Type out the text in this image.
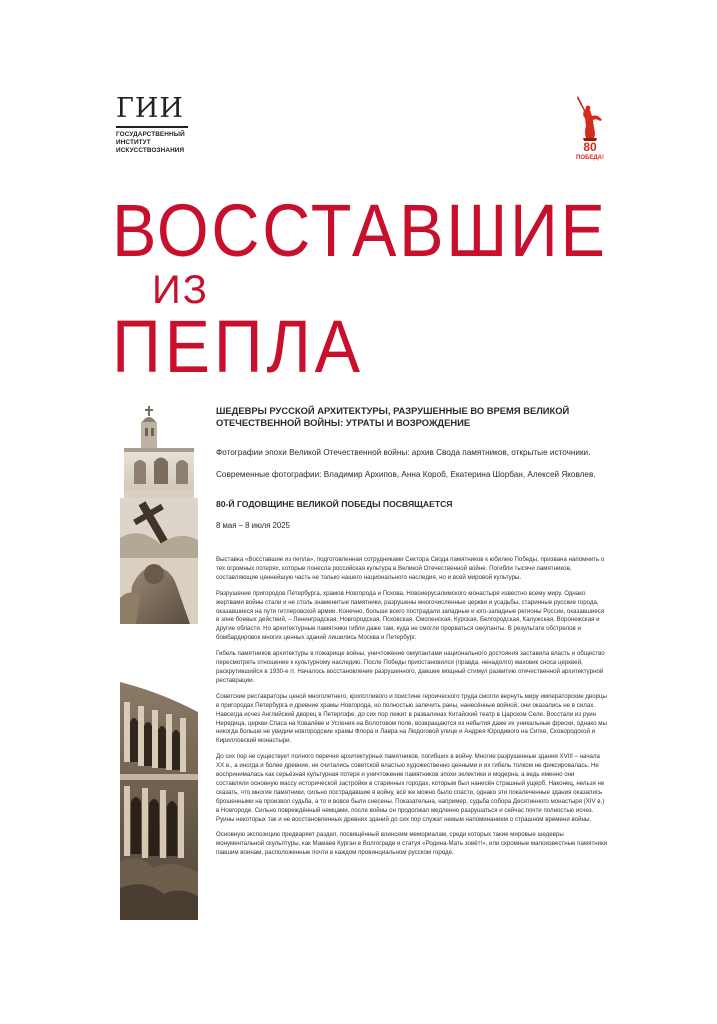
ГИИ
ГОСУДАРСТВЕННЫЙ
ИНСТИТУТ
ИСКУССТВОЗНАНИЯ	80
ПОБЕДА!
ВОССТАВШИЕ
ИЗ
ПЕПЛА
ШЕДЕВРЫ РУССКОЙ АРХИТЕКТУРЫ, РАЗРУШЕННЫЕ ВО ВРЕМЯ ВЕЛИКОЙ ОТЕЧЕСТВЕННОЙ ВОЙНЫ: УТРАТЫ И ВОЗРОЖДЕНИЕ
Фотографии эпохи Великой Отечественной войны: архив Свода памятников, открытые источники.
Современные фотографии: Владимир Архипов, Анна Короб, Екатерина Шорбан, Алексей Яковлев.
80-Й ГОДОВЩИНЕ ВЕЛИКОЙ ПОБЕДЫ ПОСВЯЩАЕТСЯ
8 мая – 8 июля 2025

Выставка «Восставшие из пепла», подготовленная сотрудниками Сектора Свода памятников к юбилею Победы, призвана напомнить о тех огромных потерях, которые понесла российская культура в Великой Отечественной войне. Погибли тысячи памятников, составляющие ценнейшую часть не только нашего национального наследия, но и всей мировой культуры.

Разрушение пригородов Петербурга, храмов Новгорода и Пскова, Новоиерусалимского монастыря известно всему миру. Однако жертвами войны стали и не столь знаменитые памятники, разрушены многочисленные церкви и усадьбы, старинные русские города, оказавшиеся на пути гитлеровской армии. Конечно, больше всего пострадали западные и юго-западные регионы России, оказавшиеся в зоне боевых действий, – Ленинградская, Новгородская, Псковская, Смоленская, Курская, Белгородская, Калужская, Воронежская и другие области. Но архитектурные памятники гибли даже там, куда не смогли прорваться оккупанты. В результате обстрелов и бомбардировок многих ценных зданий лишились Москва и Петербург.

Гибель памятников архитектуры в пожарище войны, уничтожение оккупантами национального достояния заставила власть и общество пересмотреть отношение к культурному наследию. После Победы приостановился (правда, ненадолго) маховик сноса церквей, раскрутившийся в 1930-е гг. Началось восстановление разрушенного, давшее мощный стимул развитию отечественной архитектурной реставрации.

Советские реставраторы ценой многолетнего, кропотливого и поистине героического труда смогли вернуть миру императорские дворцы в пригородах Петербурга и древние храмы Новгорода, но полностью залечить раны, нанесённые войной, они оказались не в силах. Навсегда исчез Английский дворец в Петергофе, до сих пор лежит в развалинах Китайский театр в Царском Селе. Восстали из руин Нередица, церкви Спаса на Ковалёве и Успения на Волотовом поле, возвращаются из небытия даже их уникальные фрески, однако мы никогда больше не увидим новгородские храмы Флора и Лавра на Людоговой улице и Андрея Юродивого на Ситке, Сковородской и Кирилловский монастыри.

До сих пор не существует полного перечня архитектурных памятников, погибших в войну. Многие разрушенные здания XVIII – начала XX в., а иногда и более древние, не считались советской властью художественно ценными и их гибель толком не фиксировалась. Не воспринималась как серьёзная культурная потеря и уничтожение памятников эпохи эклектики и модерна, а ведь именно они составляли основную массу исторической застройки в старинных городах, которым был нанесён страшный ущерб. Наконец, нельзя не сказать, что многие памятники, сильно пострадавшие в войну, всё же можно было спасти, однако эти покалеченные здания оказались брошенными на произвол судьба, а то и вовсе были снесены. Показательна, например, судьба собора Десятинного монастыря (XIV в.) в Новгороде. Сильно повреждённый немцами, после войны он продолжал медленно разрушаться и сейчас почти полностью исчез. Руины некоторых так и не восстановленных древних зданий до сих пор служат немым напоминанием о страшном времени войны.

Основную экспозицию предваряет раздел, посвящённый воинским мемориалам, среди которых такие мировые шедевры монументальной скульптуры, как Мамаев Курган в Волгограде и статуя «Родина-Мать зовёт!», или скромные малоизвестные памятники павшим воинам, расположенные почти в каждом провинциальном русском городе.
